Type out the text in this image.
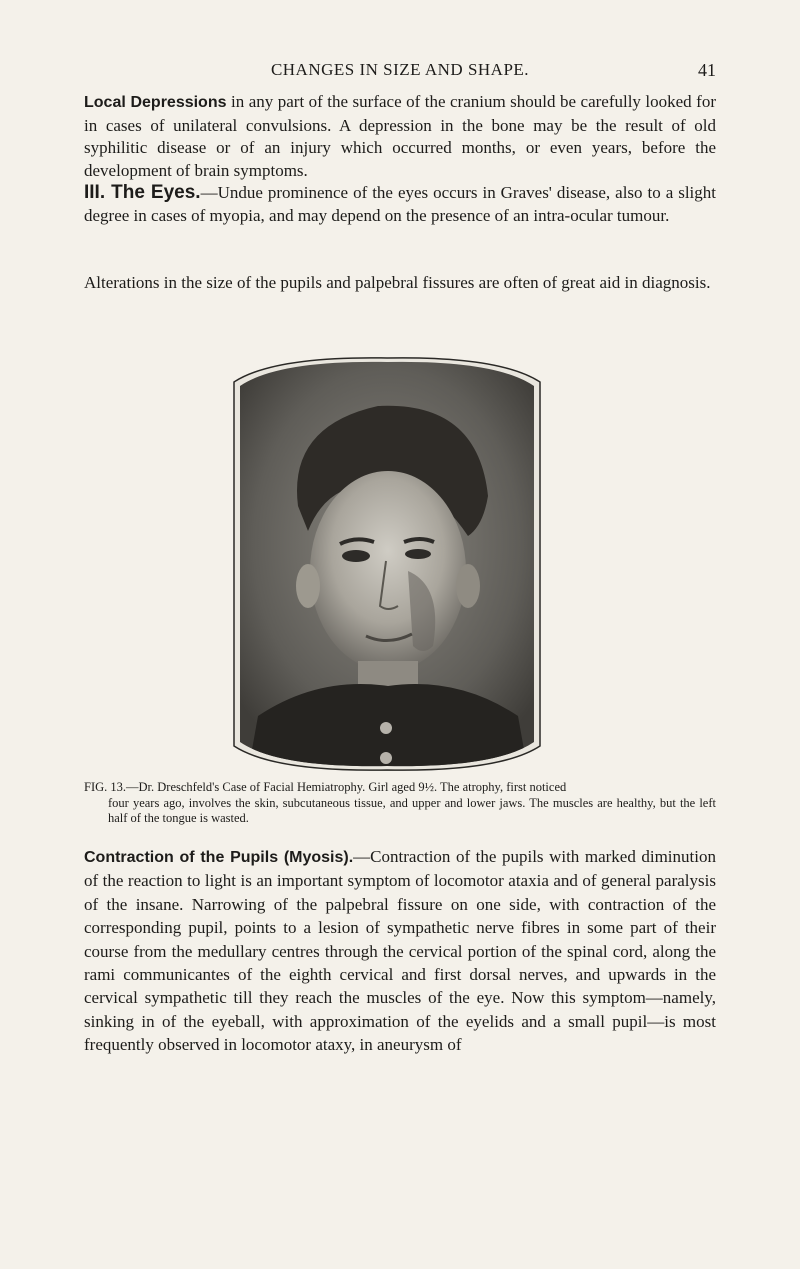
CHANGES IN SIZE AND SHAPE.	41

Local Depressions in any part of the surface of the cranium should be carefully looked for in cases of unilateral convulsions. A depression in the bone may be the result of old syphilitic disease or of an injury which occurred months, or even years, before the development of brain symptoms.

III. The Eyes.—Undue prominence of the eyes occurs in Graves' disease, also to a slight degree in cases of myopia, and may depend on the presence of an intra-ocular tumour.

Alterations in the size of the pupils and palpebral fissures are often of great aid in diagnosis.

FIG. 13.—Dr. Dreschfeld's Case of Facial Hemiatrophy. Girl aged 9½. The atrophy, first noticed
four years ago, involves the skin, subcutaneous tissue, and upper and lower jaws. The muscles are healthy, but the left half of the tongue is wasted.

Contraction of the Pupils (Myosis).—Contraction of the pupils with marked diminution of the reaction to light is an important symptom of locomotor ataxia and of general paralysis of the insane. Narrowing of the palpebral fissure on one side, with contraction of the corresponding pupil, points to a lesion of sympathetic nerve fibres in some part of their course from the medullary centres through the cervical portion of the spinal cord, along the rami communicantes of the eighth cervical and first dorsal nerves, and upwards in the cervical sympathetic till they reach the muscles of the eye. Now this symptom—namely, sinking in of the eyeball, with approximation of the eyelids and a small pupil—is most frequently observed in locomotor ataxy, in aneurysm of
